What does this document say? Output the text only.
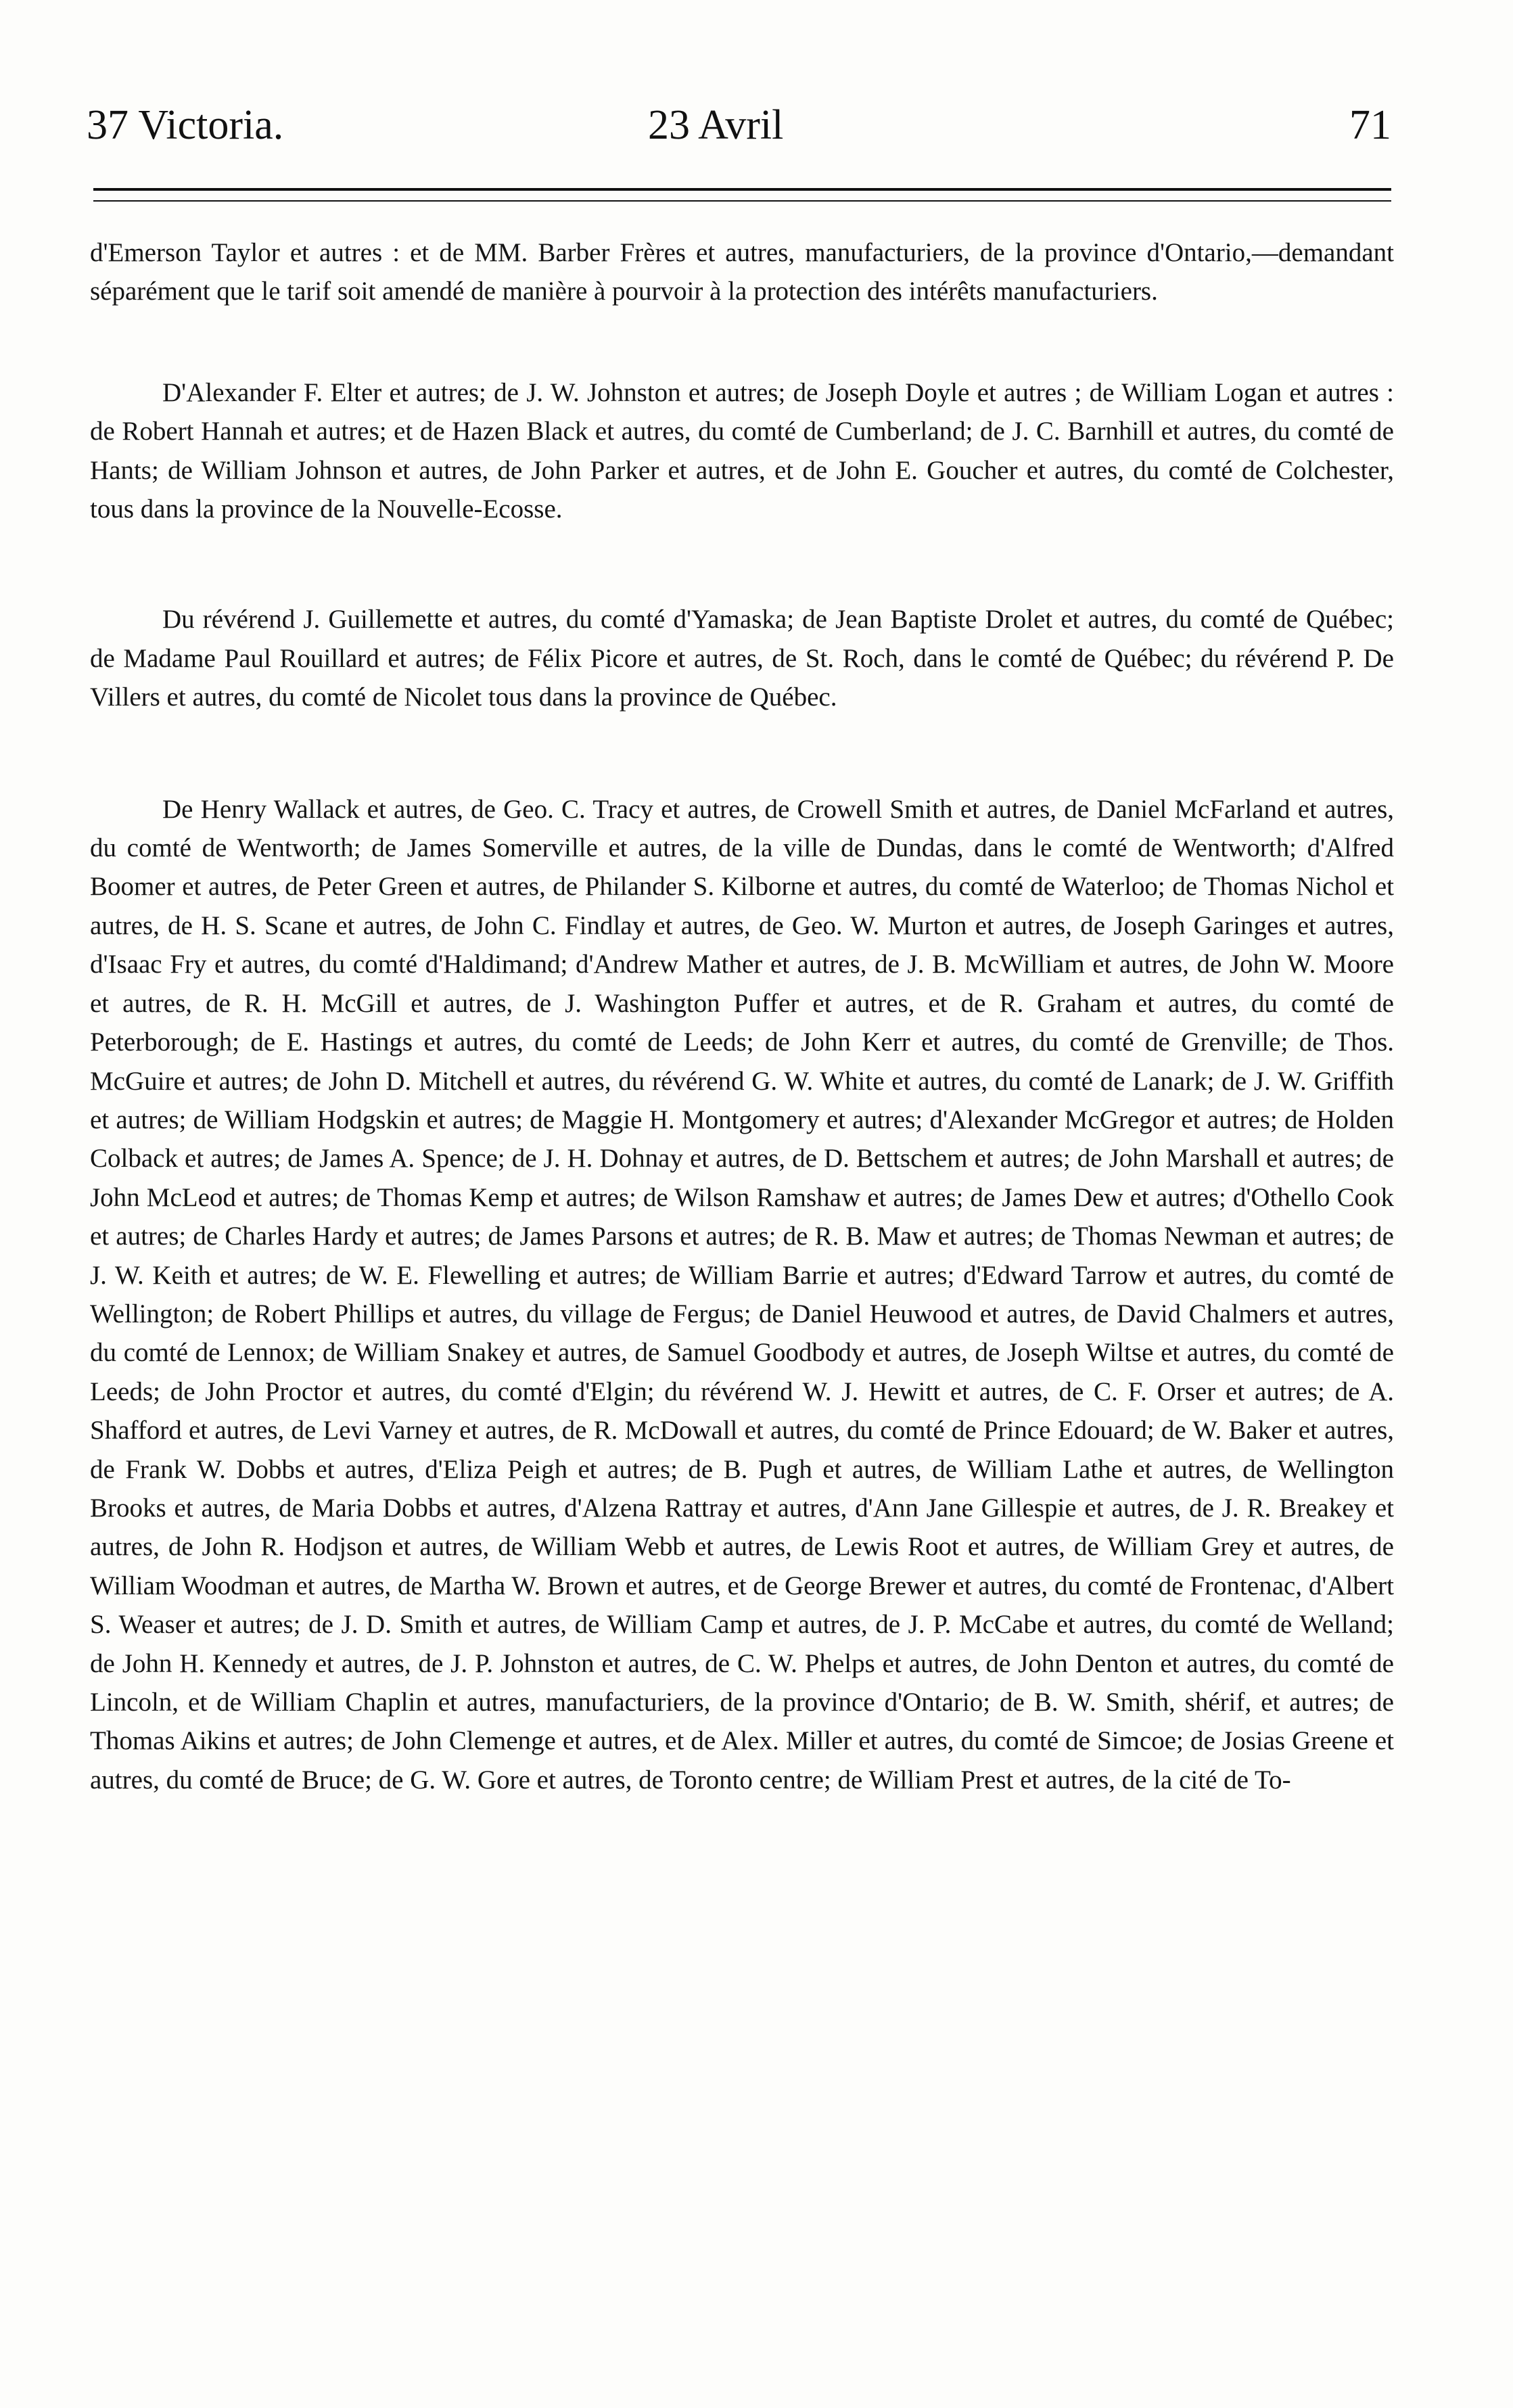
37 Victoria.	23 Avril	71

d'Emerson Taylor et autres : et de MM. Barber Frères et autres, manufacturiers, de la province d'Ontario,—demandant séparément que le tarif soit amendé de manière à pourvoir à la protection des intérêts manufacturiers.

D'Alexander F. Elter et autres; de J. W. Johnston et autres; de Joseph Doyle et autres ; de William Logan et autres : de Robert Hannah et autres; et de Hazen Black et autres, du comté de Cumberland; de J. C. Barnhill et autres, du comté de Hants; de William Johnson et autres, de John Parker et autres, et de John E. Goucher et autres, du comté de Colchester, tous dans la province de la Nouvelle-Ecosse.

Du révérend J. Guillemette et autres, du comté d'Yamaska; de Jean Baptiste Drolet et autres, du comté de Québec; de Madame Paul Rouillard et autres; de Félix Picore et autres, de St. Roch, dans le comté de Québec; du révérend P. De Villers et autres, du comté de Nicolet tous dans la province de Québec.

De Henry Wallack et autres, de Geo. C. Tracy et autres, de Crowell Smith et autres, de Daniel McFarland et autres, du comté de Wentworth; de James Somerville et autres, de la ville de Dundas, dans le comté de Wentworth; d'Alfred Boomer et autres, de Peter Green et autres, de Philander S. Kilborne et autres, du comté de Waterloo; de Thomas Nichol et autres, de H. S. Scane et autres, de John C. Findlay et autres, de Geo. W. Murton et autres, de Joseph Garinges et autres, d'Isaac Fry et autres, du comté d'Haldimand; d'Andrew Mather et autres, de J. B. McWilliam et autres, de John W. Moore et autres, de R. H. McGill et autres, de J. Washington Puffer et autres, et de R. Graham et autres, du comté de Peterborough; de E. Hastings et autres, du comté de Leeds; de John Kerr et autres, du comté de Grenville; de Thos. McGuire et autres; de John D. Mitchell et autres, du révérend G. W. White et autres, du comté de Lanark; de J. W. Griffith et autres; de William Hodgskin et autres; de Maggie H. Montgomery et autres; d'Alexander McGregor et autres; de Holden Colback et autres; de James A. Spence; de J. H. Dohnay et autres, de D. Bettschem et autres; de John Marshall et autres; de John McLeod et autres; de Thomas Kemp et autres; de Wilson Ramshaw et autres; de James Dew et autres; d'Othello Cook et autres; de Charles Hardy et autres; de James Parsons et autres; de R. B. Maw et autres; de Thomas Newman et autres; de J. W. Keith et autres; de W. E. Flewelling et autres; de William Barrie et autres; d'Edward Tarrow et autres, du comté de Wellington; de Robert Phillips et autres, du village de Fergus; de Daniel Heuwood et autres, de David Chalmers et autres, du comté de Lennox; de William Snakey et autres, de Samuel Goodbody et autres, de Joseph Wiltse et autres, du comté de Leeds; de John Proctor et autres, du comté d'Elgin; du révérend W. J. Hewitt et autres, de C. F. Orser et autres; de A. Shafford et autres, de Levi Varney et autres, de R. McDowall et autres, du comté de Prince Edouard; de W. Baker et autres, de Frank W. Dobbs et autres, d'Eliza Peigh et autres; de B. Pugh et autres, de William Lathe et autres, de Wellington Brooks et autres, de Maria Dobbs et autres, d'Alzena Rattray et autres, d'Ann Jane Gillespie et autres, de J. R. Breakey et autres, de John R. Hodjson et autres, de William Webb et autres, de Lewis Root et autres, de William Grey et autres, de William Woodman et autres, de Martha W. Brown et autres, et de George Brewer et autres, du comté de Frontenac, d'Albert S. Weaser et autres; de J. D. Smith et autres, de William Camp et autres, de J. P. McCabe et autres, du comté de Welland; de John H. Kennedy et autres, de J. P. Johnston et autres, de C. W. Phelps et autres, de John Denton et autres, du comté de Lincoln, et de William Chaplin et autres, manufacturiers, de la province d'Ontario; de B. W. Smith, shérif, et autres; de Thomas Aikins et autres; de John Clemenge et autres, et de Alex. Miller et autres, du comté de Simcoe; de Josias Greene et autres, du comté de Bruce; de G. W. Gore et autres, de Toronto centre; de William Prest et autres, de la cité de To-
